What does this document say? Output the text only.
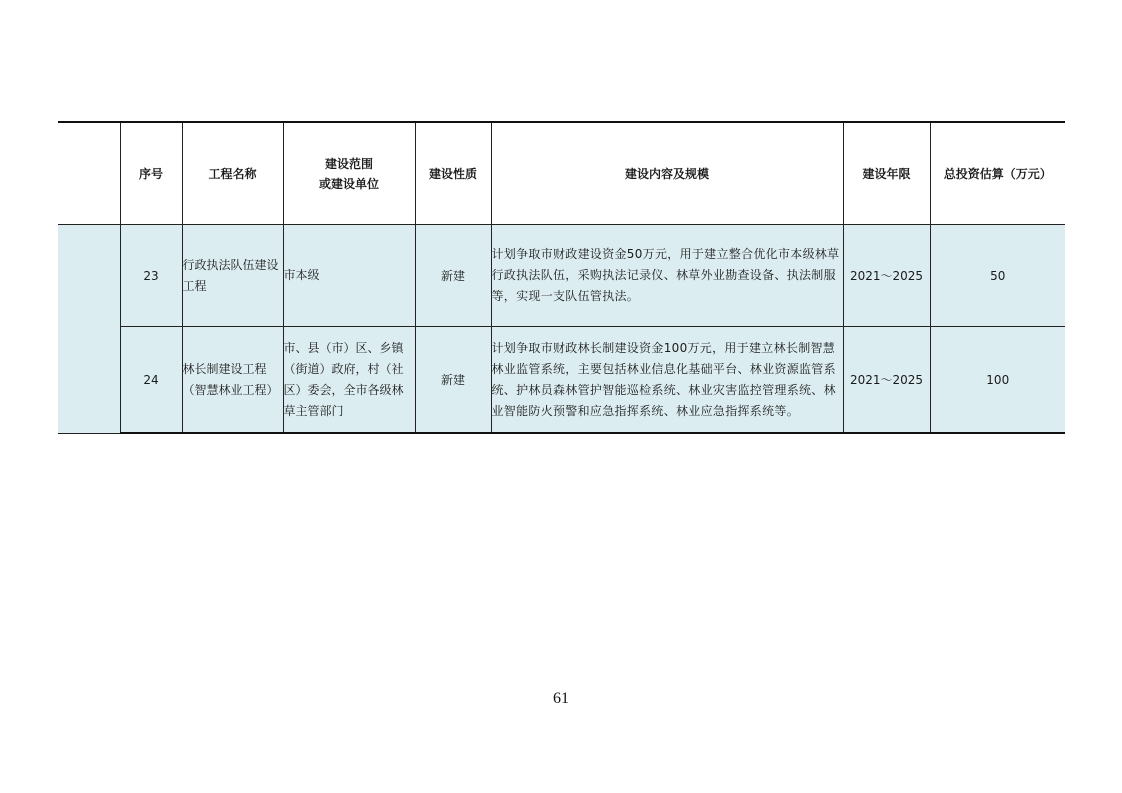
	序号	工程名称	建设范围
或建设单位	建设性质	建设内容及规模	建设年限	总投资估算（万元）
	23	行政执法队伍建设工程	市本级	新建	计划争取市财政建设资金50万元，用于建立整合优化市本级林草行政执法队伍，采购执法记录仪、林草外业勘查设备、执法制服等，实现一支队伍管执法。	2021～2025	50
	24	林长制建设工程（智慧林业工程）	市、县（市）区、乡镇（街道）政府，村（社区）委会，全市各级林草主管部门	新建	计划争取市财政林长制建设资金100万元，用于建立林长制智慧林业监管系统，主要包括林业信息化基础平台、林业资源监管系统、护林员森林管护智能巡检系统、林业灾害监控管理系统、林业智能防火预警和应急指挥系统、林业应急指挥系统等。	2021～2025	100
61
